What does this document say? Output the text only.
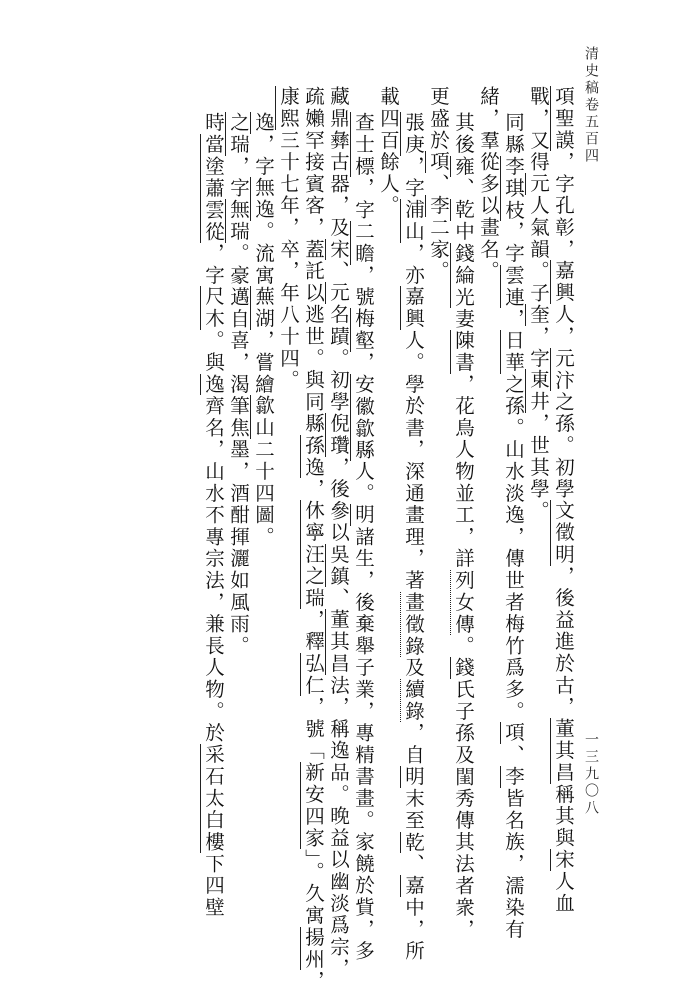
清史稿卷五百四
一三九〇八
項聖謨，字孔彰，嘉興人，元汴之孫。初學文徵明，後益進於古，董其昌稱其與宋人血
戰，又得元人氣韻。子奎，字東井，世其學。
同縣李琪枝，字雲連，日華之孫。山水淡逸，傳世者梅竹爲多。項、李皆名族，濡染有
緒，羣從多以畫名。
其後雍、乾中錢綸光妻陳書，花鳥人物並工，詳列女傳。錢氏子孫及閨秀傳其法者衆，
更盛於項、李二家。
張庚，字浦山，亦嘉興人。學於書，深通畫理，著畫徵錄及續錄，自明末至乾、嘉中，所
載四百餘人。
查士標，字二瞻，號梅壑，安徽歙縣人。明諸生，後棄舉子業，專精書畫。家饒於貲，多
藏鼎彝古器，及宋、元名蹟。初學倪瓚，後參以吳鎮、董其昌法，稱逸品。晚益以幽淡爲宗，
疏嬾罕接賓客，蓋託以逃世。與同縣孫逸，休寧汪之瑞，釋弘仁，號「新安四家」。久寓揚州，
康熙三十七年，卒，年八十四。
逸，字無逸。流寓蕪湖，嘗繪歙山二十四圖。
之瑞，字無瑞。豪邁自喜，渴筆焦墨，酒酣揮灑如風雨。
時當塗蕭雲從，字尺木。與逸齊名，山水不專宗法，兼長人物。於采石太白樓下四壁
